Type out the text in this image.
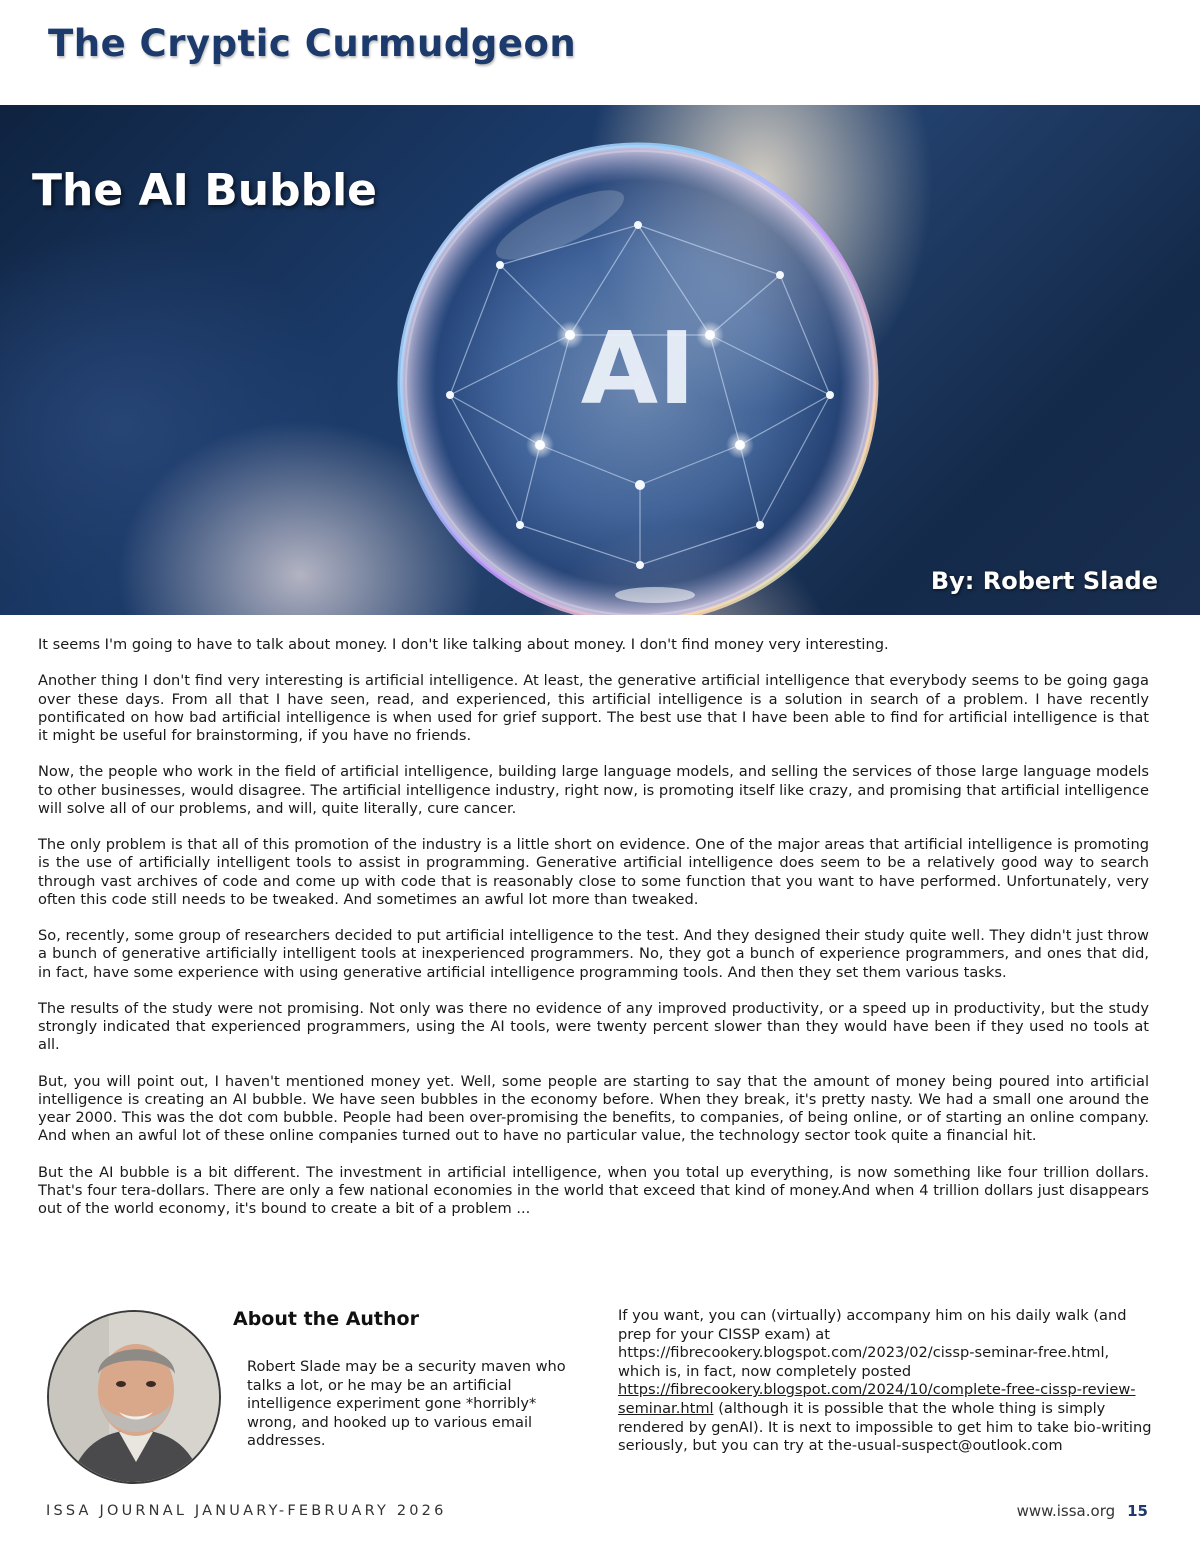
The Cryptic Curmudgeon
AI
The AI Bubble
By: Robert Slade

It seems I'm going to have to talk about money. I don't like talking about money. I don't find money very interesting.

Another thing I don't find very interesting is artificial intelligence. At least, the generative artificial intelligence that everybody seems to be going gaga over these days. From all that I have seen, read, and experienced, this artificial intelligence is a solution in search of a problem. I have recently pontificated on how bad artificial intelligence is when used for grief support. The best use that I have been able to find for artificial intelligence is that it might be useful for brainstorming, if you have no friends.

Now, the people who work in the field of artificial intelligence, building large language models, and selling the services of those large language models to other businesses, would disagree. The artificial intelligence industry, right now, is promoting itself like crazy, and promising that artificial intelligence will solve all of our problems, and will, quite literally, cure cancer.

The only problem is that all of this promotion of the industry is a little short on evidence. One of the major areas that artificial intelligence is promoting is the use of artificially intelligent tools to assist in programming. Generative artificial intelligence does seem to be a relatively good way to search through vast archives of code and come up with code that is reasonably close to some function that you want to have performed. Unfortunately, very often this code still needs to be tweaked. And sometimes an awful lot more than tweaked.

So, recently, some group of researchers decided to put artificial intelligence to the test. And they designed their study quite well. They didn't just throw a bunch of generative artificially intelligent tools at inexperienced programmers. No, they got a bunch of experience programmers, and ones that did, in fact, have some experience with using generative artificial intelligence programming tools. And then they set them various tasks.

The results of the study were not promising. Not only was there no evidence of any improved productivity, or a speed up in productivity, but the study strongly indicated that experienced programmers, using the AI tools, were twenty percent slower than they would have been if they used no tools at all.

But, you will point out, I haven't mentioned money yet. Well, some people are starting to say that the amount of money being poured into artificial intelligence is creating an AI bubble. We have seen bubbles in the economy before. When they break, it's pretty nasty. We had a small one around the year 2000. This was the dot com bubble. People had been over-promising the benefits, to companies, of being online, or of starting an online company. And when an awful lot of these online companies turned out to have no particular value, the technology sector took quite a financial hit.

But the AI bubble is a bit different. The investment in artificial intelligence, when you total up everything, is now something like four trillion dollars. That's four tera-dollars. There are only a few national economies in the world that exceed that kind of money.And when 4 trillion dollars just disappears out of the world economy, it's bound to create a bit of a problem ...

About the Author

Robert Slade may be a security maven who talks a lot, or he may be an artificial intelligence experiment gone *horribly* wrong, and hooked up to various email addresses.

If you want, you can (virtually) accompany him on his daily walk (and prep for your CISSP exam) at https://fibrecookery.blogspot.com/2023/02/cissp-seminar-free.html, which is, in fact, now completely posted https://fibrecookery.blogspot.com/2024/10/complete-free-cissp-review-seminar.html (although it is possible that the whole thing is simply rendered by genAI). It is next to impossible to get him to take bio-writing seriously, but you can try at the-usual-suspect@outlook.com

ISSA JOURNAL JANUARY-FEBRUARY 2026	www.issa.org 15
